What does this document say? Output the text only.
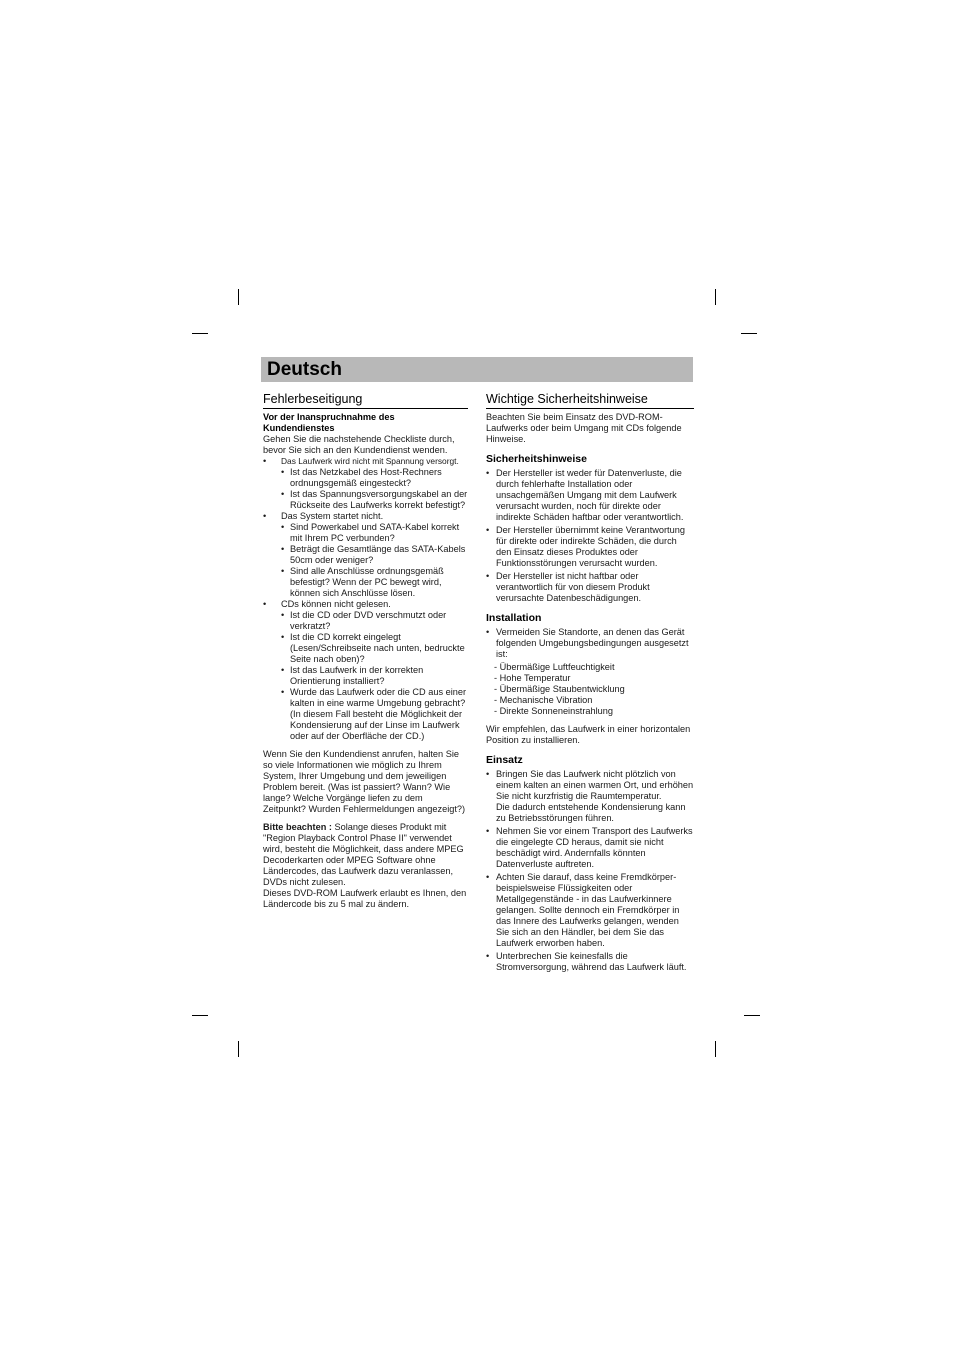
Deutsch
Fehlerbeseitigung

Vor der Inanspruchnahme des Kundendienstes

Gehen Sie die nachstehende Checkliste durch, bevor Sie sich an den Kundendienst wenden.

• Das Laufwerk wird nicht mit Spannung versorgt.
• Ist das Netzkabel des Host-Rechners ordnungsgemäß eingesteckt?
• Ist das Spannungsversorgungskabel an der Rückseite des Laufwerks korrekt befestigt?
• Das System startet nicht.
• Sind Powerkabel und SATA-Kabel korrekt mit Ihrem PC verbunden?
• Beträgt die Gesamtlänge das SATA-Kabels 50cm oder weniger?
• Sind alle Anschlüsse ordnungsgemäß befestigt? Wenn der PC bewegt wird, können sich Anschlüsse lösen.
• CDs können nicht gelesen.
• Ist die CD oder DVD verschmutzt oder verkratzt?
• Ist die CD korrekt eingelegt (Lesen/Schreibseite nach unten, bedruckte Seite nach oben)?
• Ist das Laufwerk in der korrekten Orientierung installiert?
• Wurde das Laufwerk oder die CD aus einer kalten in eine warme Umgebung gebracht? (In diesem Fall besteht die Möglichkeit der Kondensierung auf der Linse im Laufwerk oder auf der Oberfläche der CD.)

Wenn Sie den Kundendienst anrufen, halten Sie so viele Informationen wie möglich zu Ihrem System, Ihrer Umgebung und dem jeweiligen Problem bereit. (Was ist passiert? Wann? Wie lange? Welche Vorgänge liefen zu dem Zeitpunkt? Wurden Fehlermeldungen angezeigt?)

Bitte beachten : Solange dieses Produkt mit "Region Playback Control Phase II" verwendet wird, besteht die Möglichkeit, dass andere MPEG Decoderkarten oder MPEG Software ohne Ländercodes, das Laufwerk dazu veranlassen, DVDs nicht zulesen.

Dieses DVD-ROM Laufwerk erlaubt es Ihnen, den Ländercode bis zu 5 mal zu ändern.

Wichtige Sicherheitshinweise

Beachten Sie beim Einsatz des DVD-ROM-Laufwerks oder beim Umgang mit CDs folgende Hinweise.

Sicherheitshinweise
• Der Hersteller ist weder für Datenverluste, die durch fehlerhafte Installation oder unsachgemäßen Umgang mit dem Laufwerk verursacht wurden, noch für direkte oder indirekte Schäden haftbar oder verantwortlich.
• Der Hersteller übernimmt keine Verantwortung für direkte oder indirekte Schäden, die durch den Einsatz dieses Produktes oder Funktionsstörungen verursacht wurden.
• Der Hersteller ist nicht haftbar oder verantwortlich für von diesem Produkt verursachte Datenbeschädigungen.
Installation
• Vermeiden Sie Standorte, an denen das Gerät folgenden Umgebungsbedingungen ausgesetzt ist:
- Übermäßige Luftfeuchtigkeit
- Hohe Temperatur
- Übermäßige Staubentwicklung
- Mechanische Vibration
- Direkte Sonneneinstrahlung

Wir empfehlen, das Laufwerk in einer horizontalen Position zu installieren.

Einsatz
• Bringen Sie das Laufwerk nicht plötzlich von einem kalten an einen warmen Ort, und erhöhen Sie nicht kurzfristig die Raumtemperatur.
Die dadurch entstehende Kondensierung kann zu Betriebsstörungen führen.
• Nehmen Sie vor einem Transport des Laufwerks die eingelegte CD heraus, damit sie nicht beschädigt wird. Andernfalls könnten Datenverluste auftreten.
• Achten Sie darauf, dass keine Fremdkörper-beispielsweise Flüssigkeiten oder Metallgegenstände - in das Laufwerkinnere gelangen. Sollte dennoch ein Fremdkörper in das Innere des Laufwerks gelangen, wenden Sie sich an den Händler, bei dem Sie das Laufwerk erworben haben.
• Unterbrechen Sie keinesfalls die Stromversorgung, während das Laufwerk läuft.
